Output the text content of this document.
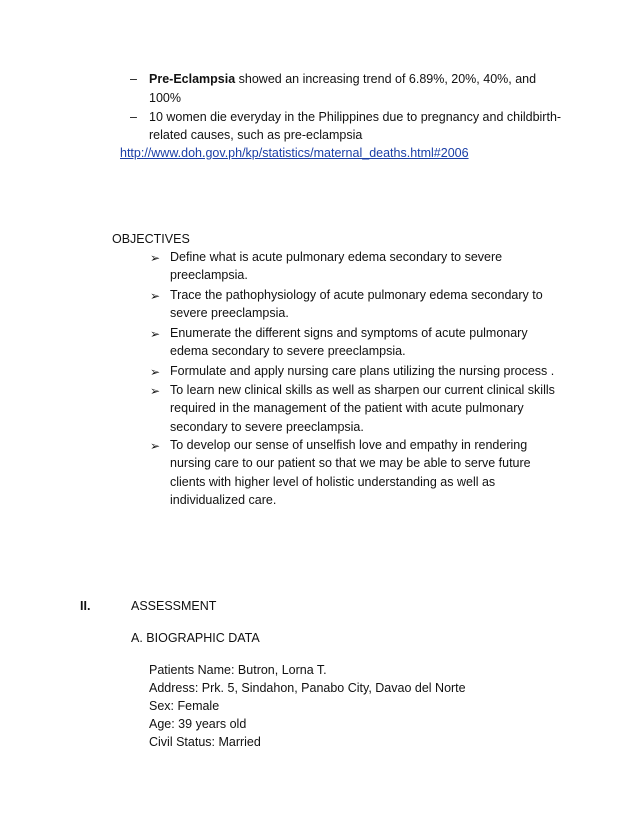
– Pre-Eclampsia showed an increasing trend of 6.89%, 20%, 40%, and
100%
– 10 women die everyday in the Philippines due to pregnancy and childbirth-
related causes, such as pre-eclampsia
http://www.doh.gov.ph/kp/statistics/maternal_deaths.html#2006
OBJECTIVES
➢ Define what is acute pulmonary edema secondary to severe
preeclampsia.
➢ Trace the pathophysiology of acute pulmonary edema secondary to
severe preeclampsia.
➢ Enumerate the different signs and symptoms of acute pulmonary
edema secondary to severe preeclampsia.
➢ Formulate and apply nursing care plans utilizing the nursing process .
➢ To learn new clinical skills as well as sharpen our current clinical skills
required in the management of the patient with acute pulmonary
secondary to severe preeclampsia.
➢ To develop our sense of unselfish love and empathy in rendering
nursing care to our patient so that we may be able to serve future
clients with higher level of holistic understanding as well as
individualized care.
II.	ASSESSMENT
A. BIOGRAPHIC DATA
Patients Name: Butron, Lorna T.
Address: Prk. 5, Sindahon, Panabo City, Davao del Norte
Sex: Female
Age: 39 years old
Civil Status: Married
